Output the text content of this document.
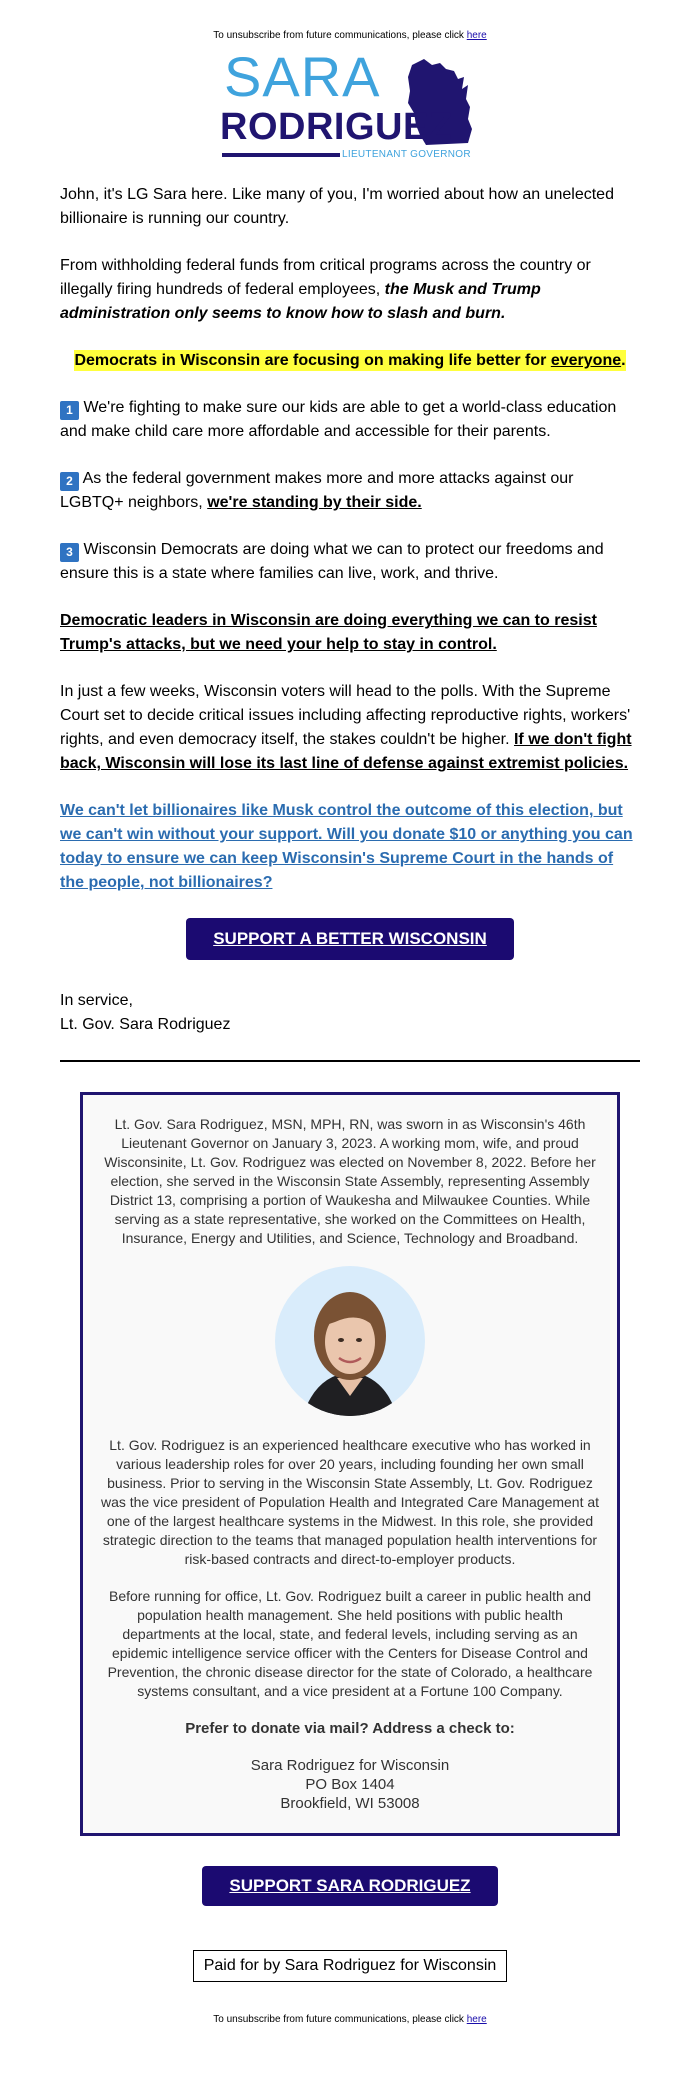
To unsubscribe from future communications, please click here
SARA
RODRIGUEZ
LIEUTENANT GOVERNOR

John, it's LG Sara here. Like many of you, I'm worried about how an unelected billionaire is running our country.

From withholding federal funds from critical programs across the country or illegally firing hundreds of federal employees, the Musk and Trump administration only seems to know how to slash and burn.

Democrats in Wisconsin are focusing on making life better for everyone.

1 We're fighting to make sure our kids are able to get a world-class education and make child care more affordable and accessible for their parents.

2 As the federal government makes more and more attacks against our LGBTQ+ neighbors, we're standing by their side.

3 Wisconsin Democrats are doing what we can to protect our freedoms and ensure this is a state where families can live, work, and thrive.

Democratic leaders in Wisconsin are doing everything we can to resist Trump's attacks, but we need your help to stay in control.

In just a few weeks, Wisconsin voters will head to the polls. With the Supreme Court set to decide critical issues including affecting reproductive rights, workers' rights, and even democracy itself, the stakes couldn't be higher. If we don't fight back, Wisconsin will lose its last line of defense against extremist policies.

We can't let billionaires like Musk control the outcome of this election, but we can't win without your support. Will you donate $10 or anything you can today to ensure we can keep Wisconsin's Supreme Court in the hands of the people, not billionaires?

SUPPORT A BETTER WISCONSIN

In service,
Lt. Gov. Sara Rodriguez

Lt. Gov. Sara Rodriguez, MSN, MPH, RN, was sworn in as Wisconsin's 46th Lieutenant Governor on January 3, 2023. A working mom, wife, and proud Wisconsinite, Lt. Gov. Rodriguez was elected on November 8, 2022. Before her election, she served in the Wisconsin State Assembly, representing Assembly District 13, comprising a portion of Waukesha and Milwaukee Counties. While serving as a state representative, she worked on the Committees on Health, Insurance, Energy and Utilities, and Science, Technology and Broadband.

Lt. Gov. Rodriguez is an experienced healthcare executive who has worked in various leadership roles for over 20 years, including founding her own small business. Prior to serving in the Wisconsin State Assembly, Lt. Gov. Rodriguez was the vice president of Population Health and Integrated Care Management at one of the largest healthcare systems in the Midwest. In this role, she provided strategic direction to the teams that managed population health interventions for risk-based contracts and direct-to-employer products.

Before running for office, Lt. Gov. Rodriguez built a career in public health and population health management. She held positions with public health departments at the local, state, and federal levels, including serving as an epidemic intelligence service officer with the Centers for Disease Control and Prevention, the chronic disease director for the state of Colorado, a healthcare systems consultant, and a vice president at a Fortune 100 Company.

Prefer to donate via mail? Address a check to:

Sara Rodriguez for Wisconsin
PO Box 1404
Brookfield, WI 53008

SUPPORT SARA RODRIGUEZ
Paid for by Sara Rodriguez for Wisconsin
To unsubscribe from future communications, please click here
